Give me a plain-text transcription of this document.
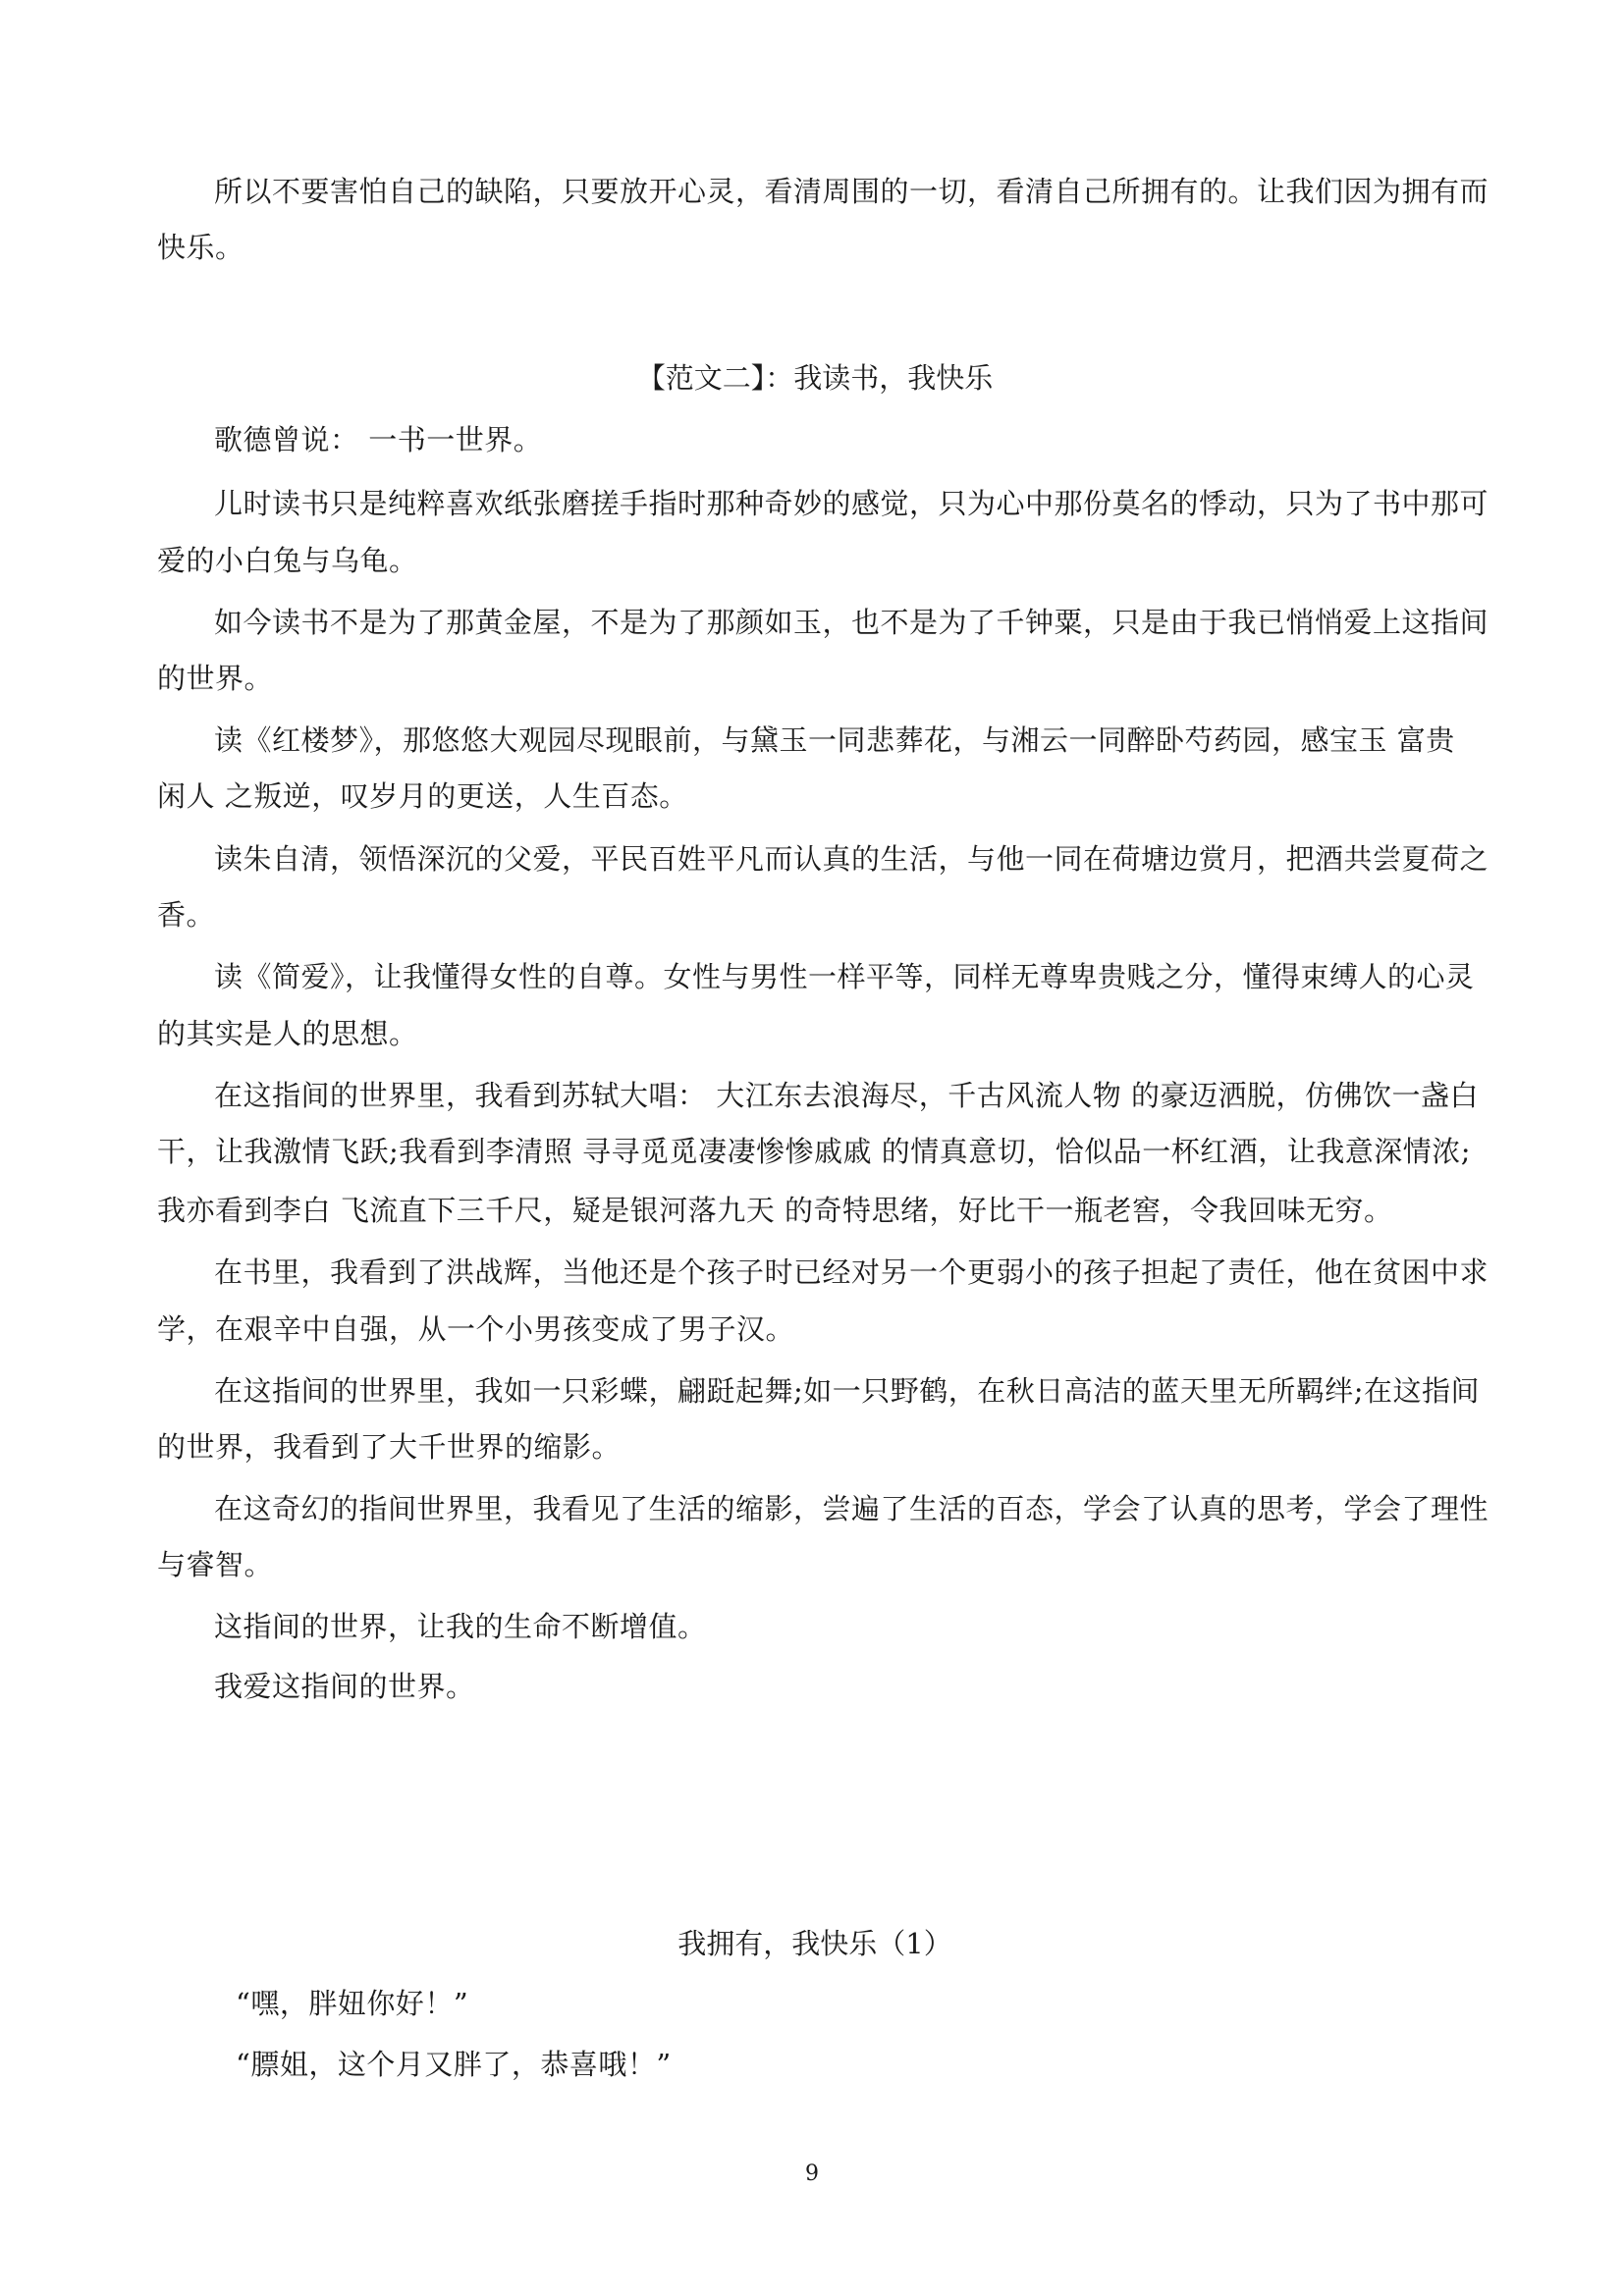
所以不要害怕自己的缺陷，只要放开心灵，看清周围的一切，看清自己所拥有的。让我们因为拥有而
快乐。
【范文二】：我读书，我快乐
歌德曾说： 一书一世界。
儿时读书只是纯粹喜欢纸张磨搓手指时那种奇妙的感觉，只为心中那份莫名的悸动，只为了书中那可
爱的小白兔与乌龟。
如今读书不是为了那黄金屋，不是为了那颜如玉，也不是为了千钟粟，只是由于我已悄悄爱上这指间
的世界。
读《红楼梦》，那悠悠大观园尽现眼前，与黛玉一同悲葬花，与湘云一同醉卧芍药园，感宝玉 富贵
闲人 之叛逆，叹岁月的更送，人生百态。
读朱自清，领悟深沉的父爱，平民百姓平凡而认真的生活，与他一同在荷塘边赏月，把酒共尝夏荷之
香。
读《简爱》，让我懂得女性的自尊。女性与男性一样平等，同样无尊卑贵贱之分，懂得束缚人的心灵
的其实是人的思想。
在这指间的世界里，我看到苏轼大唱： 大江东去浪海尽，千古风流人物 的豪迈洒脱，仿佛饮一盏白
干，让我激情飞跃;我看到李清照 寻寻觅觅凄凄惨惨戚戚 的情真意切，恰似品一杯红酒，让我意深情浓;
我亦看到李白 飞流直下三千尺，疑是银河落九天 的奇特思绪，好比干一瓶老窖，令我回味无穷。
在书里，我看到了洪战辉，当他还是个孩子时已经对另一个更弱小的孩子担起了责任，他在贫困中求
学，在艰辛中自强，从一个小男孩变成了男子汉。
在这指间的世界里，我如一只彩蝶，翩跹起舞;如一只野鹤，在秋日高洁的蓝天里无所羁绊;在这指间
的世界，我看到了大千世界的缩影。
在这奇幻的指间世界里，我看见了生活的缩影，尝遍了生活的百态，学会了认真的思考，学会了理性
与睿智。
这指间的世界，让我的生命不断增值。
我爱这指间的世界。
我拥有，我快乐（1）
“嘿，胖妞你好！”
“膘姐，这个月又胖了，恭喜哦！”
9
